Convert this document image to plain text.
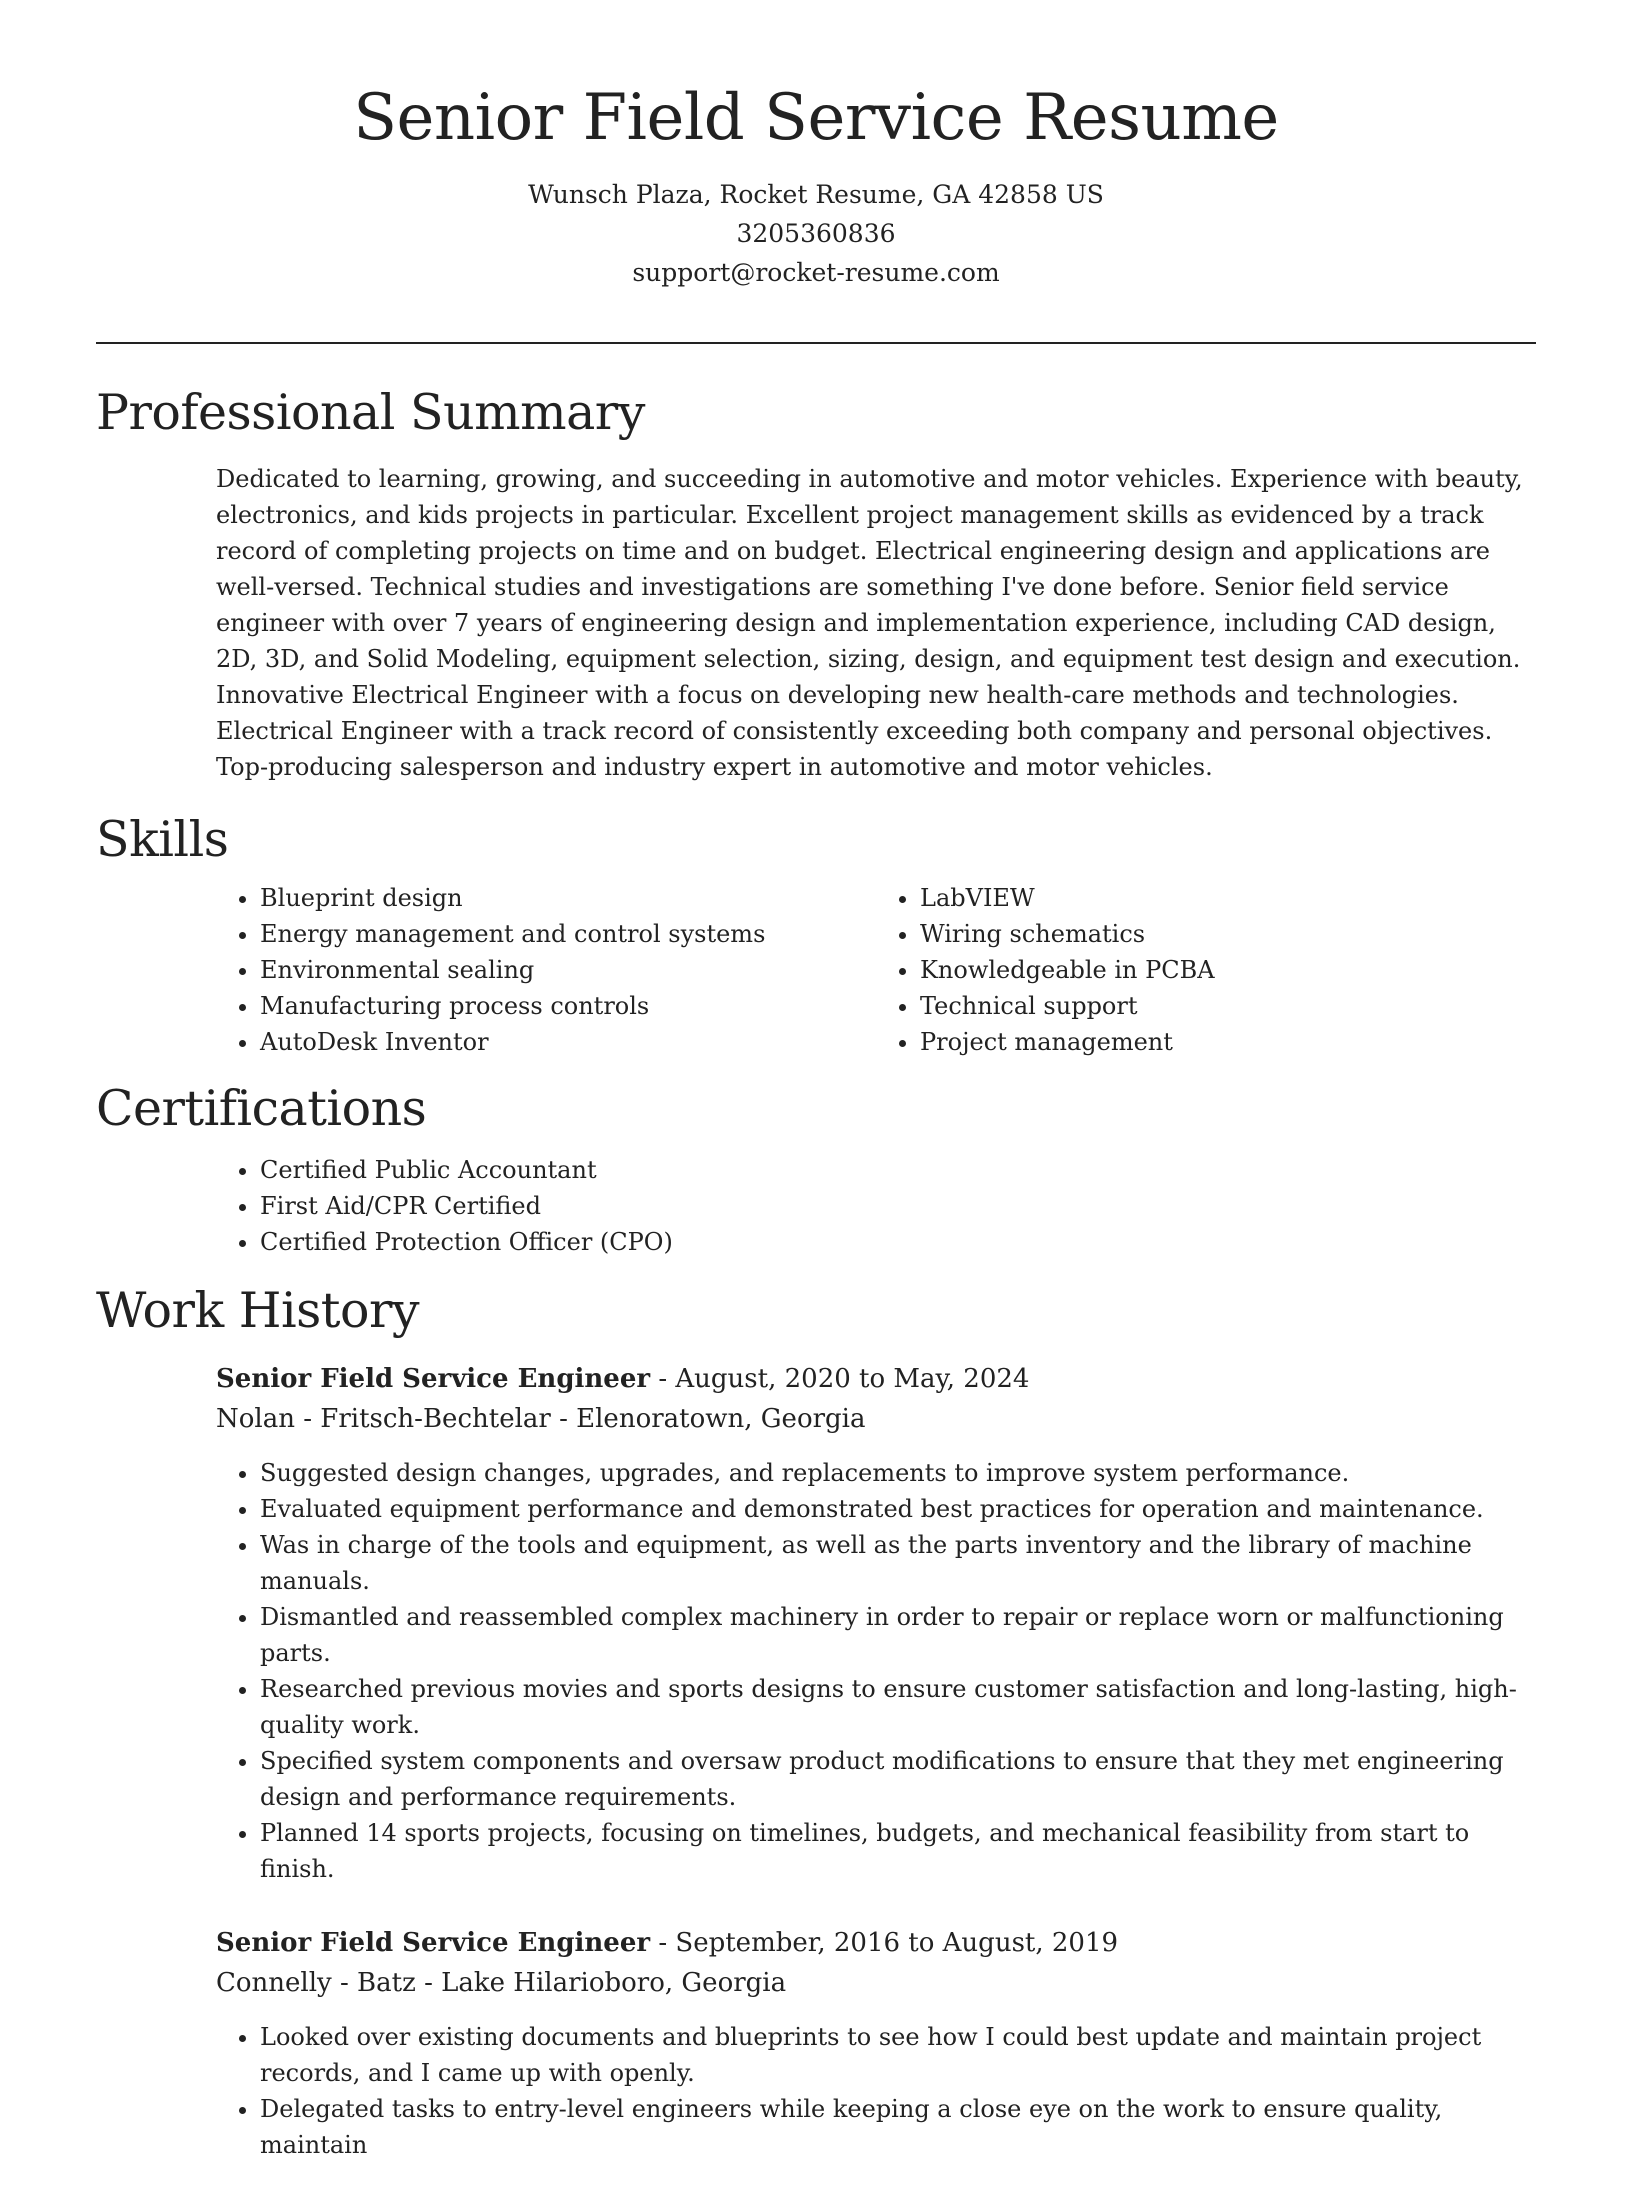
Senior Field Service Resume
Wunsch Plaza, Rocket Resume, GA 42858 US
3205360836
support@rocket-resume.com
Professional Summary

Dedicated to learning, growing, and succeeding in automotive and motor vehicles. Experience with beauty, electronics, and kids projects in particular. Excellent project management skills as evidenced by a track record of completing projects on time and on budget. Electrical engineering design and applications are well-versed. Technical studies and investigations are something I've done before. Senior field service engineer with over 7 years of engineering design and implementation experience, including CAD design, 2D, 3D, and Solid Modeling, equipment selection, sizing, design, and equipment test design and execution. Innovative Electrical Engineer with a focus on developing new health-care methods and technologies. Electrical Engineer with a track record of consistently exceeding both company and personal objectives. Top-producing salesperson and industry expert in automotive and motor vehicles.

Skills
• Blueprint design
• Energy management and control systems
• Environmental sealing
• Manufacturing process controls
• AutoDesk Inventor
• LabVIEW
• Wiring schematics
• Knowledgeable in PCBA
• Technical support
• Project management
Certifications
• Certified Public Accountant
• First Aid/CPR Certified
• Certified Protection Officer (CPO)
Work History
Senior Field Service Engineer - August, 2020 to May, 2024
Nolan - Fritsch-Bechtelar - Elenoratown, Georgia
• Suggested design changes, upgrades, and replacements to improve system performance.
• Evaluated equipment performance and demonstrated best practices for operation and maintenance.
• Was in charge of the tools and equipment, as well as the parts inventory and the library of machine manuals.
• Dismantled and reassembled complex machinery in order to repair or replace worn or malfunctioning parts.
• Researched previous movies and sports designs to ensure customer satisfaction and long-lasting, high-quality work.
• Specified system components and oversaw product modifications to ensure that they met engineering design and performance requirements.
• Planned 14 sports projects, focusing on timelines, budgets, and mechanical feasibility from start to finish.
Senior Field Service Engineer - September, 2016 to August, 2019
Connelly - Batz - Lake Hilarioboro, Georgia
• Looked over existing documents and blueprints to see how I could best update and maintain project records, and I came up with openly.
• Delegated tasks to entry-level engineers while keeping a close eye on the work to ensure quality, maintain
